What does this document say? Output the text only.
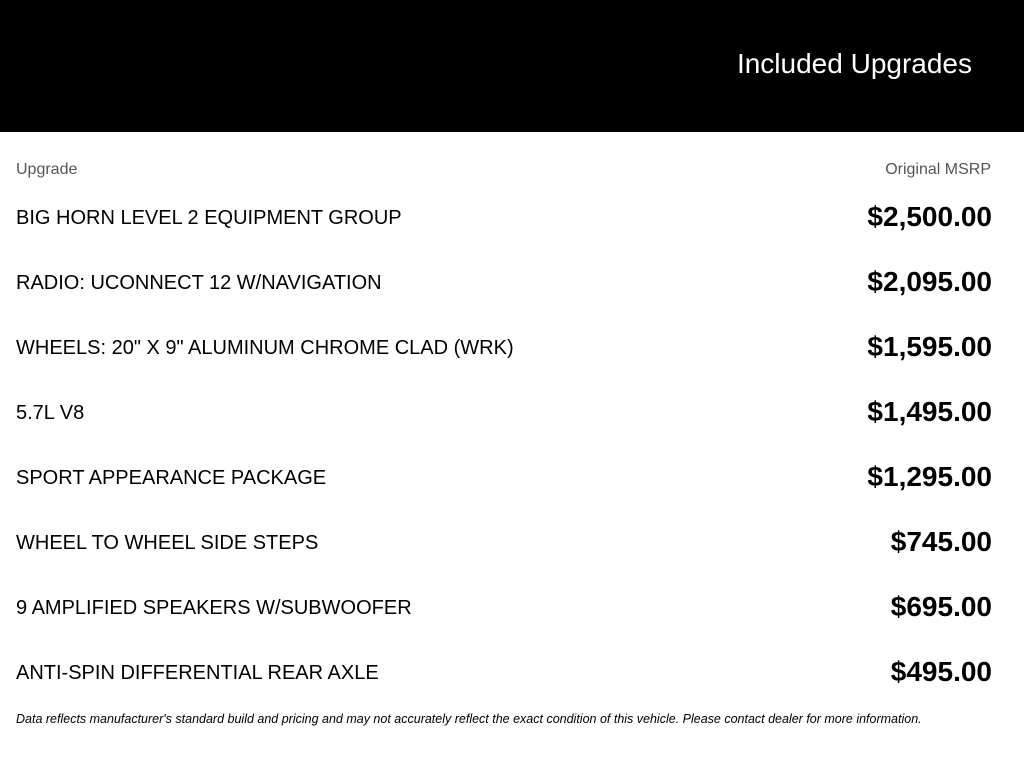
Included Upgrades
Upgrade	Original MSRP
BIG HORN LEVEL 2 EQUIPMENT GROUP	$2,500.00
RADIO: UCONNECT 12 W/NAVIGATION	$2,095.00
WHEELS: 20" X 9" ALUMINUM CHROME CLAD (WRK)	$1,595.00
5.7L V8	$1,495.00
SPORT APPEARANCE PACKAGE	$1,295.00
WHEEL TO WHEEL SIDE STEPS	$745.00
9 AMPLIFIED SPEAKERS W/SUBWOOFER	$695.00
ANTI-SPIN DIFFERENTIAL REAR AXLE	$495.00
Data reflects manufacturer's standard build and pricing and may not accurately reflect the exact condition of this vehicle. Please contact dealer for more information.
